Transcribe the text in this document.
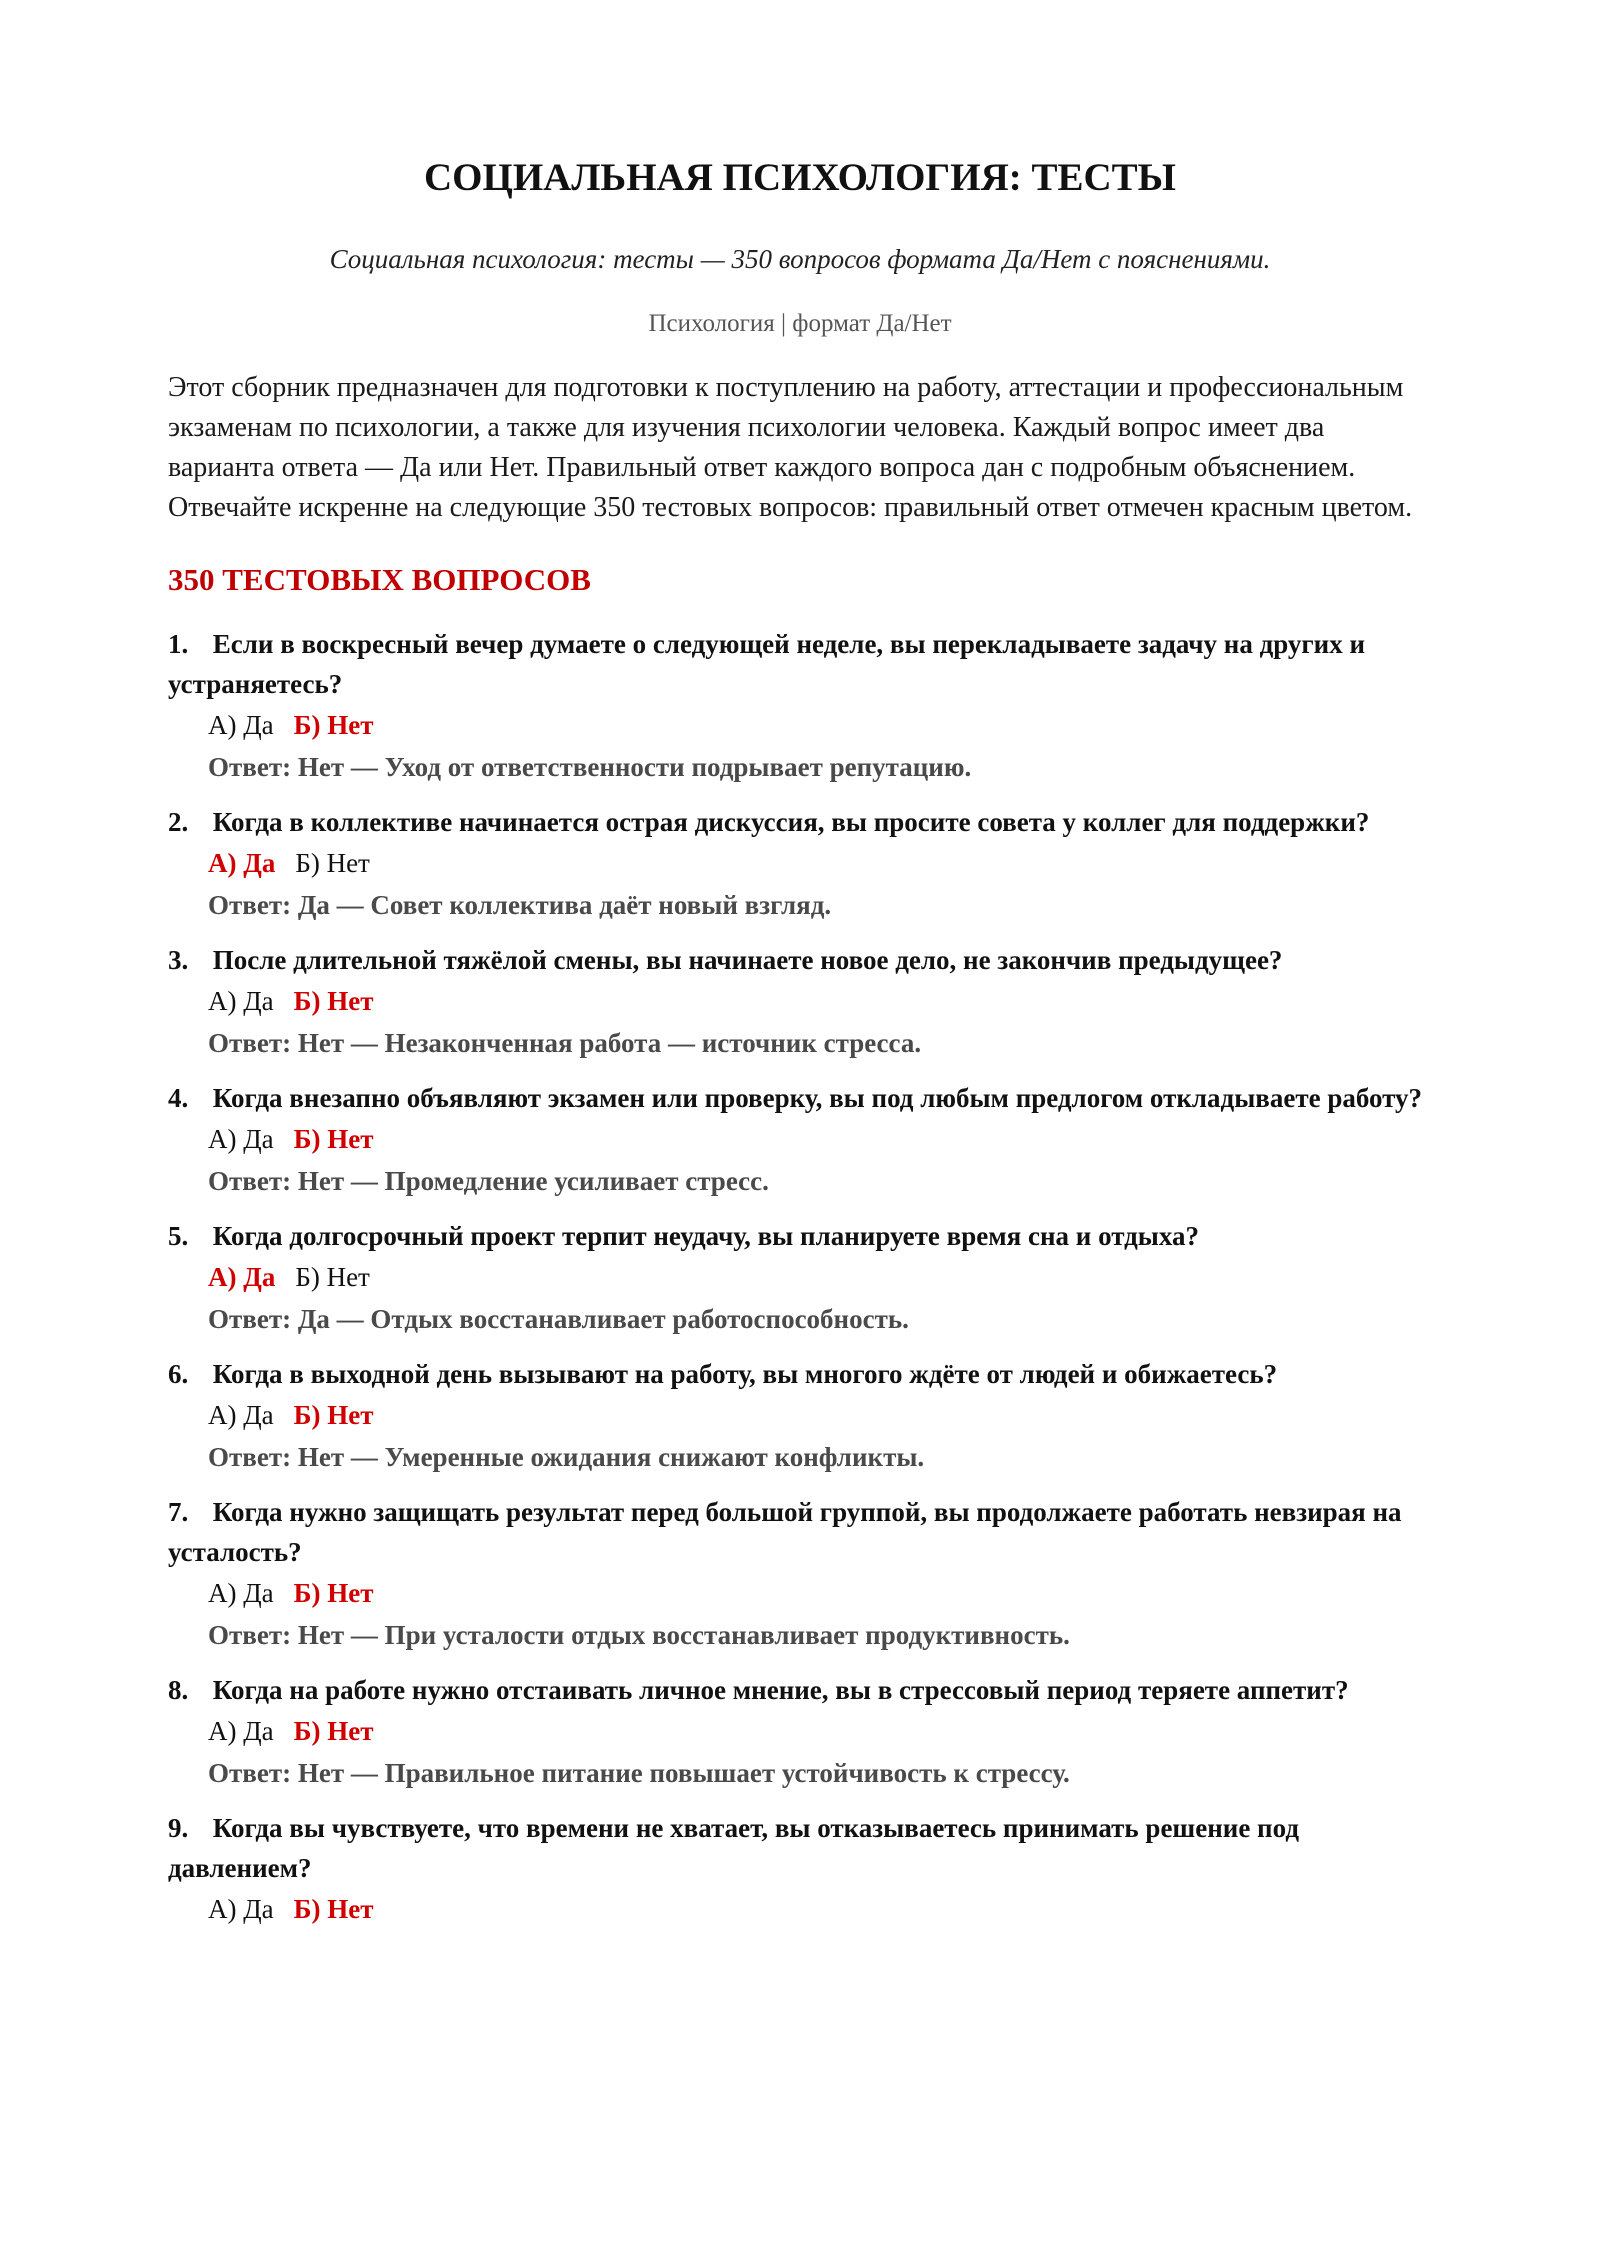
СОЦИАЛЬНАЯ ПСИХОЛОГИЯ: ТЕСТЫ

Социальная психология: тесты — 350 вопросов формата Да/Нет с пояснениями.

Психология | формат Да/Нет

Этот сборник предназначен для подготовки к поступлению на работу, аттестации и профессиональным экзаменам по психологии, а также для изучения психологии человека. Каждый вопрос имеет два варианта ответа — Да или Нет. Правильный ответ каждого вопроса дан с подробным объяснением. Отвечайте искренне на следующие 350 тестовых вопросов: правильный ответ отмечен красным цветом.

350 ТЕСТОВЫХ ВОПРОСОВ
1. Если в воскресный вечер думаете о следующей неделе, вы перекладываете задачу на других и устраняетесь?
А) Да Б) Нет
Ответ: Нет — Уход от ответственности подрывает репутацию.
2. Когда в коллективе начинается острая дискуссия, вы просите совета у коллег для поддержки?
А) Да Б) Нет
Ответ: Да — Совет коллектива даёт новый взгляд.
3. После длительной тяжёлой смены, вы начинаете новое дело, не закончив предыдущее?
А) Да Б) Нет
Ответ: Нет — Незаконченная работа — источник стресса.
4. Когда внезапно объявляют экзамен или проверку, вы под любым предлогом откладываете работу?
А) Да Б) Нет
Ответ: Нет — Промедление усиливает стресс.
5. Когда долгосрочный проект терпит неудачу, вы планируете время сна и отдыха?
А) Да Б) Нет
Ответ: Да — Отдых восстанавливает работоспособность.
6. Когда в выходной день вызывают на работу, вы многого ждёте от людей и обижаетесь?
А) Да Б) Нет
Ответ: Нет — Умеренные ожидания снижают конфликты.
7. Когда нужно защищать результат перед большой группой, вы продолжаете работать невзирая на усталость?
А) Да Б) Нет
Ответ: Нет — При усталости отдых восстанавливает продуктивность.
8. Когда на работе нужно отстаивать личное мнение, вы в стрессовый период теряете аппетит?
А) Да Б) Нет
Ответ: Нет — Правильное питание повышает устойчивость к стрессу.
9. Когда вы чувствуете, что времени не хватает, вы отказываетесь принимать решение под давлением?
А) Да Б) Нет
